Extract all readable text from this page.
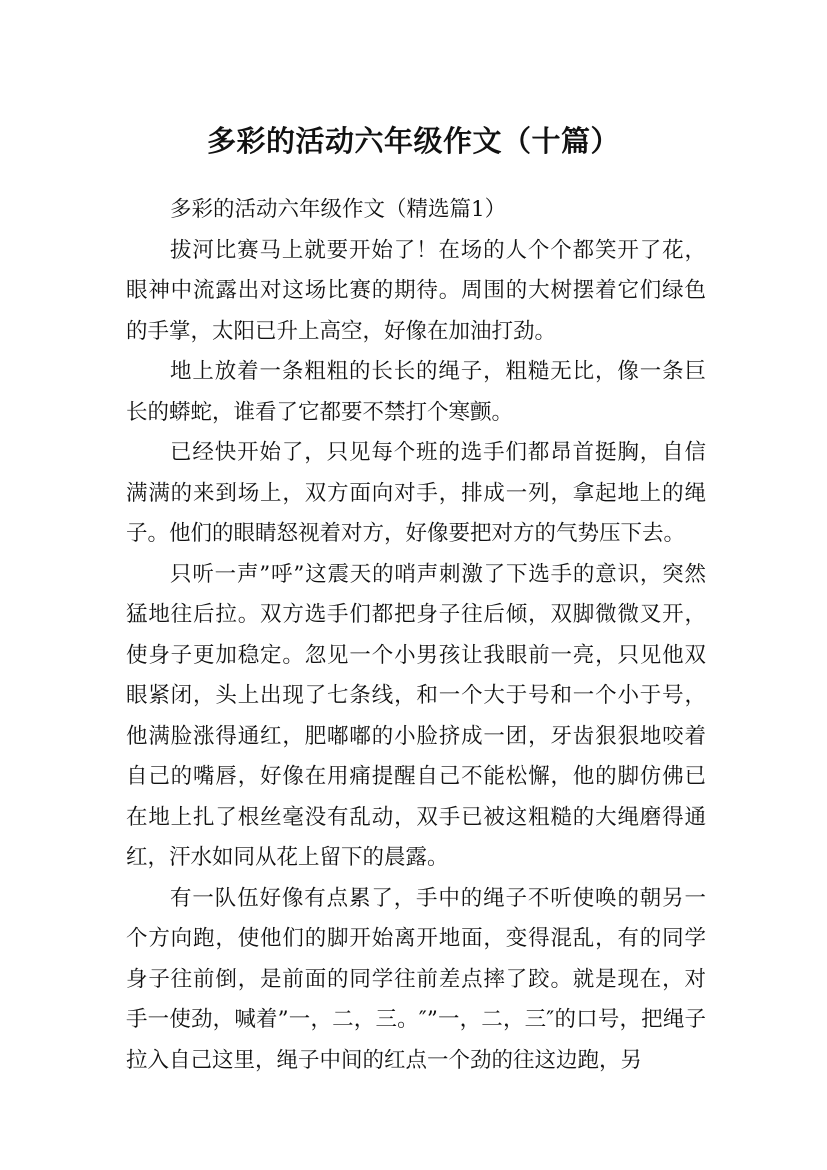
多彩的活动六年级作文（十篇）

多彩的活动六年级作文（精选篇1）

拔河比赛马上就要开始了！在场的人个个都笑开了花，眼神中流露出对这场比赛的期待。周围的大树摆着它们绿色的手掌，太阳已升上高空，好像在加油打劲。

地上放着一条粗粗的长长的绳子，粗糙无比，像一条巨长的蟒蛇，谁看了它都要不禁打个寒颤。

已经快开始了，只见每个班的选手们都昂首挺胸，自信满满的来到场上，双方面向对手，排成一列，拿起地上的绳子。他们的眼睛怒视着对方，好像要把对方的气势压下去。

只听一声”呼”这震天的哨声刺激了下选手的意识，突然猛地往后拉。双方选手们都把身子往后倾，双脚微微叉开，使身子更加稳定。忽见一个小男孩让我眼前一亮，只见他双眼紧闭，头上出现了七条线，和一个大于号和一个小于号，他满脸涨得通红，肥嘟嘟的小脸挤成一团，牙齿狠狠地咬着自己的嘴唇，好像在用痛提醒自己不能松懈，他的脚仿佛已在地上扎了根丝毫没有乱动，双手已被这粗糙的大绳磨得通红，汗水如同从花上留下的晨露。

有一队伍好像有点累了，手中的绳子不听使唤的朝另一个方向跑，使他们的脚开始离开地面，变得混乱，有的同学身子往前倒，是前面的同学往前差点摔了跤。就是现在，对手一使劲，喊着”一，二，三。″”一，二，三″的口号，把绳子拉入自己这里，绳子中间的红点一个劲的往这边跑，另
